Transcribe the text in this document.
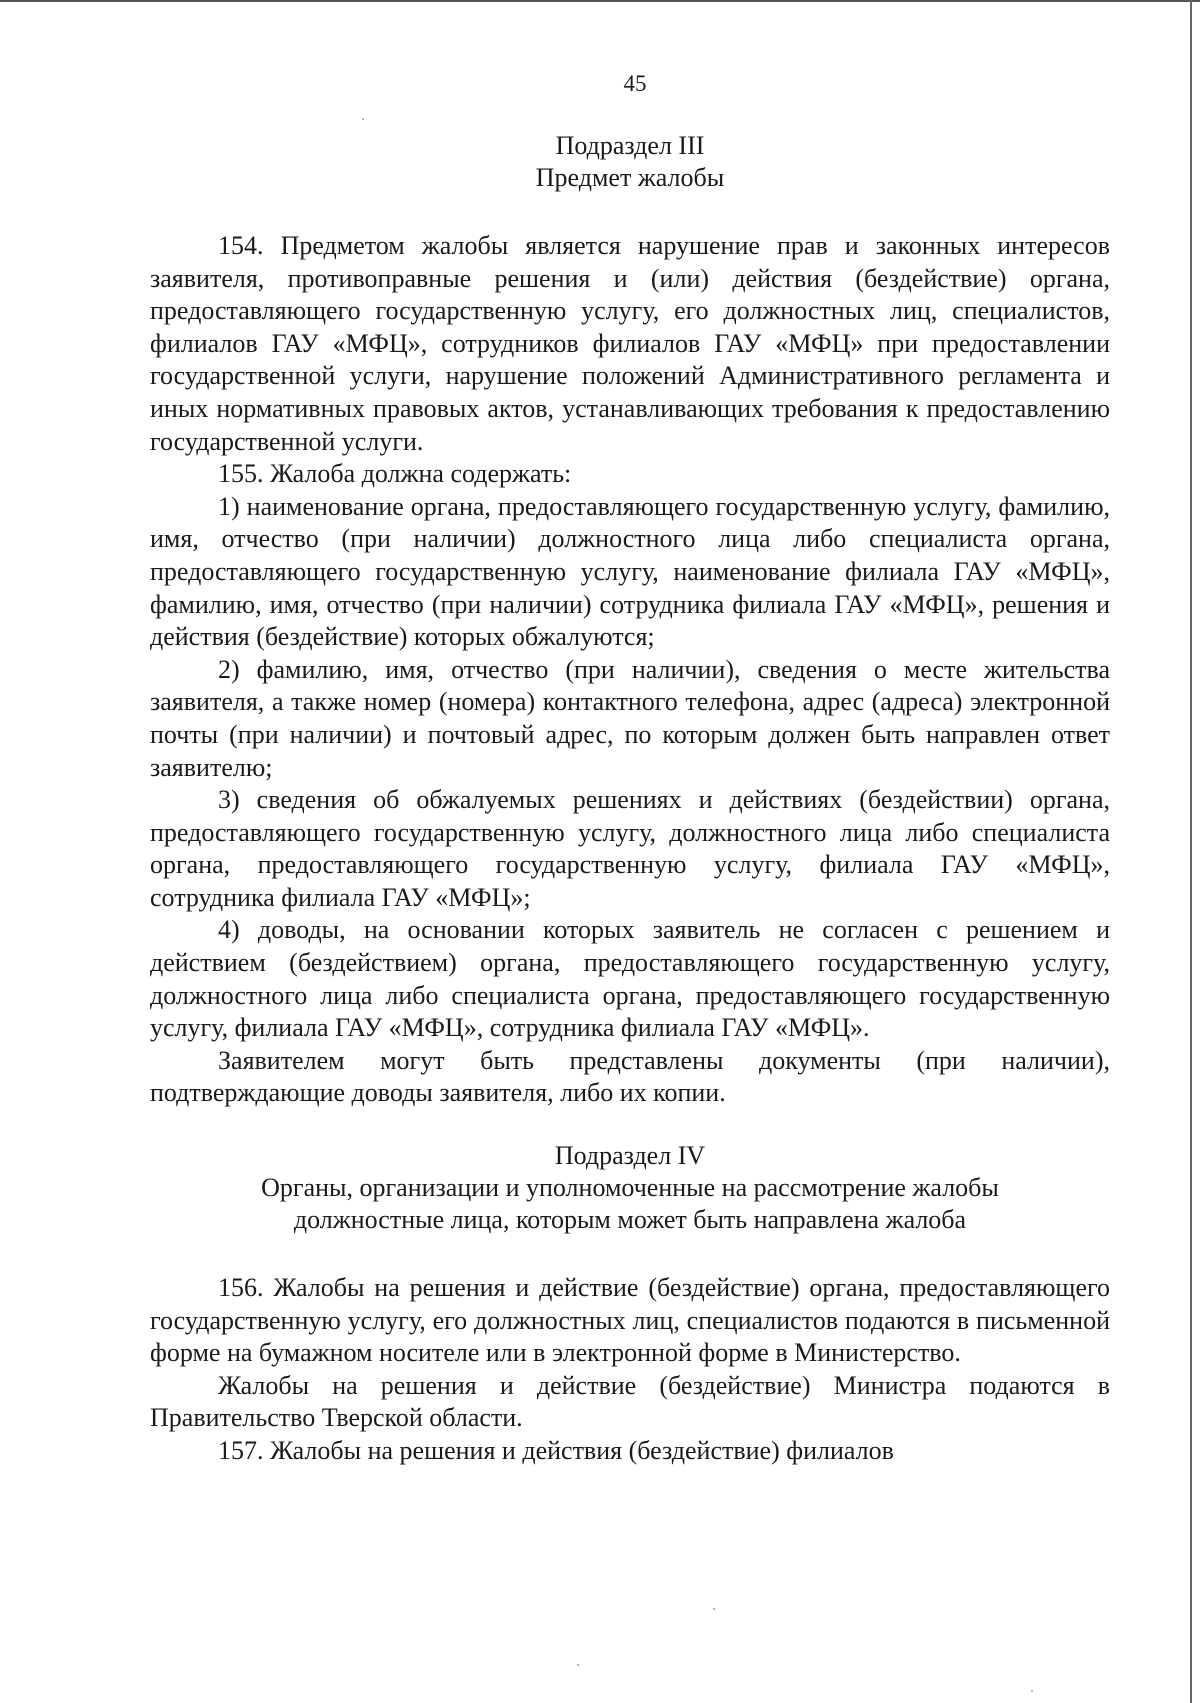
45

Подраздел III

Предмет жалобы

154. Предметом жалобы является нарушение прав и законных интересов заявителя, противоправные решения и (или) действия (бездействие) органа, предоставляющего государственную услугу, его должностных лиц, специалистов, филиалов ГАУ «МФЦ», сотрудников филиалов ГАУ «МФЦ» при предоставлении государственной услуги, нарушение положений Административного регламента и иных нормативных правовых актов, устанавливающих требования к предоставлению государственной услуги.

155. Жалоба должна содержать:

1) наименование органа, предоставляющего государственную услугу, фамилию, имя, отчество (при наличии) должностного лица либо специалиста органа, предоставляющего государственную услугу, наименование филиала ГАУ «МФЦ», фамилию, имя, отчество (при наличии) сотрудника филиала ГАУ «МФЦ», решения и действия (бездействие) которых обжалуются;

2) фамилию, имя, отчество (при наличии), сведения о месте жительства заявителя, а также номер (номера) контактного телефона, адрес (адреса) электронной почты (при наличии) и почтовый адрес, по которым должен быть направлен ответ заявителю;

3) сведения об обжалуемых решениях и действиях (бездействии) органа, предоставляющего государственную услугу, должностного лица либо специалиста органа, предоставляющего государственную услугу, филиала ГАУ «МФЦ», сотрудника филиала ГАУ «МФЦ»;

4) доводы, на основании которых заявитель не согласен с решением и действием (бездействием) органа, предоставляющего государственную услугу, должностного лица либо специалиста органа, предоставляющего государственную услугу, филиала ГАУ «МФЦ», сотрудника филиала ГАУ «МФЦ».

Заявителем могут быть представлены документы (при наличии), подтверждающие доводы заявителя, либо их копии.

Подраздел IV

Органы, организации и уполномоченные на рассмотрение жалобы

должностные лица, которым может быть направлена жалоба

156. Жалобы на решения и действие (бездействие) органа, предоставляющего государственную услугу, его должностных лиц, специалистов подаются в письменной форме на бумажном носителе или в электронной форме в Министерство.

Жалобы на решения и действие (бездействие) Министра подаются в Правительство Тверской области.

157. Жалобы на решения и действия (бездействие) филиалов
